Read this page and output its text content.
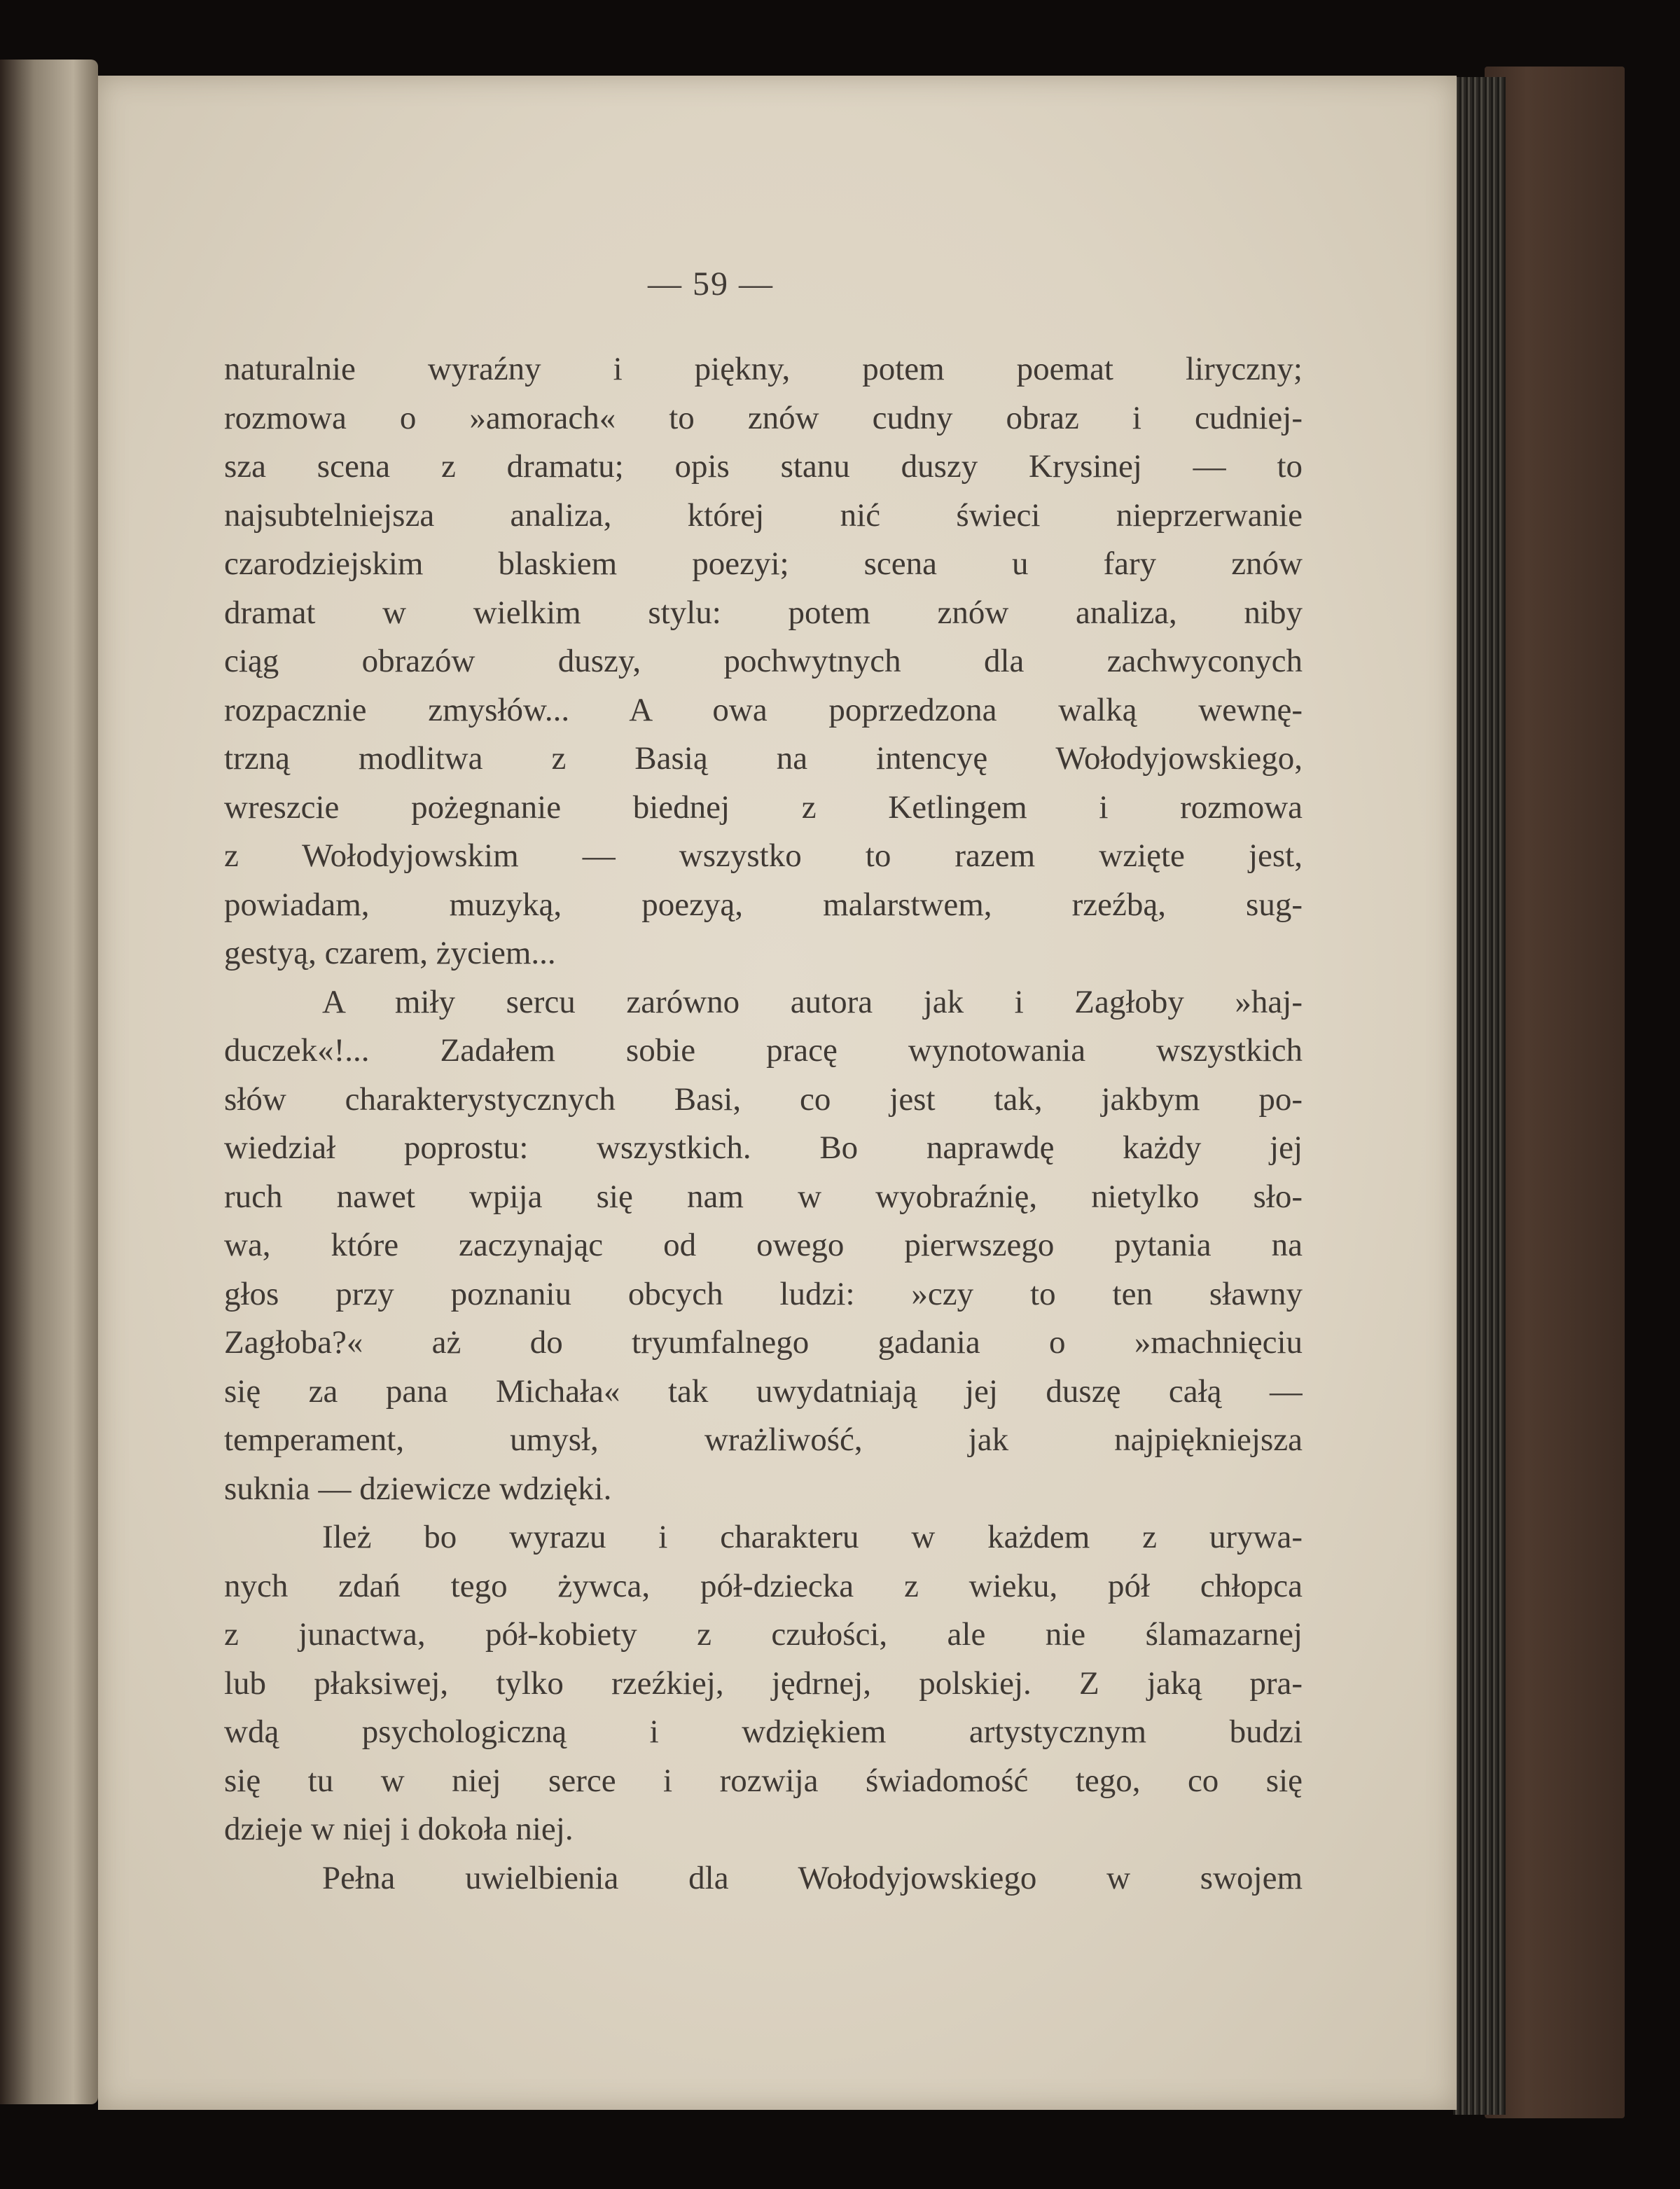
— 59 —
naturalnie wyraźny i piękny, potem poemat liryczny;
rozmowa o »amorach« to znów cudny obraz i cudniej-
sza scena z dramatu; opis stanu duszy Krysinej — to
najsubtelniejsza analiza, której nić świeci nieprzerwanie
czarodziejskim blaskiem poezyi; scena u fary znów
dramat w wielkim stylu: potem znów analiza, niby
ciąg obrazów duszy, pochwytnych dla zachwyconych
rozpacznie zmysłów... A owa poprzedzona walką wewnę-
trzną modlitwa z Basią na intencyę Wołodyjowskiego,
wreszcie pożegnanie biednej z Ketlingem i rozmowa
z Wołodyjowskim — wszystko to razem wzięte jest,
powiadam, muzyką, poezyą, malarstwem, rzeźbą, sug-
gestyą, czarem, życiem...
A miły sercu zarówno autora jak i Zagłoby »haj-
duczek«!... Zadałem sobie pracę wynotowania wszystkich
słów charakterystycznych Basi, co jest tak, jakbym po-
wiedział poprostu: wszystkich. Bo naprawdę każdy jej
ruch nawet wpija się nam w wyobraźnię, nietylko sło-
wa, które zaczynając od owego pierwszego pytania na
głos przy poznaniu obcych ludzi: »czy to ten sławny
Zagłoba?« aż do tryumfalnego gadania o »machnięciu
się za pana Michała« tak uwydatniają jej duszę całą —
temperament, umysł, wrażliwość, jak najpiękniejsza
suknia — dziewicze wdzięki.
Ileż bo wyrazu i charakteru w każdem z urywa-
nych zdań tego żywca, pół-dziecka z wieku, pół chłopca
z junactwa, pół-kobiety z czułości, ale nie ślamazarnej
lub płaksiwej, tylko rzeźkiej, jędrnej, polskiej. Z jaką pra-
wdą psychologiczną i wdziękiem artystycznym budzi
się tu w niej serce i rozwija świadomość tego, co się
dzieje w niej i dokoła niej.
Pełna uwielbienia dla Wołodyjowskiego w swojem
